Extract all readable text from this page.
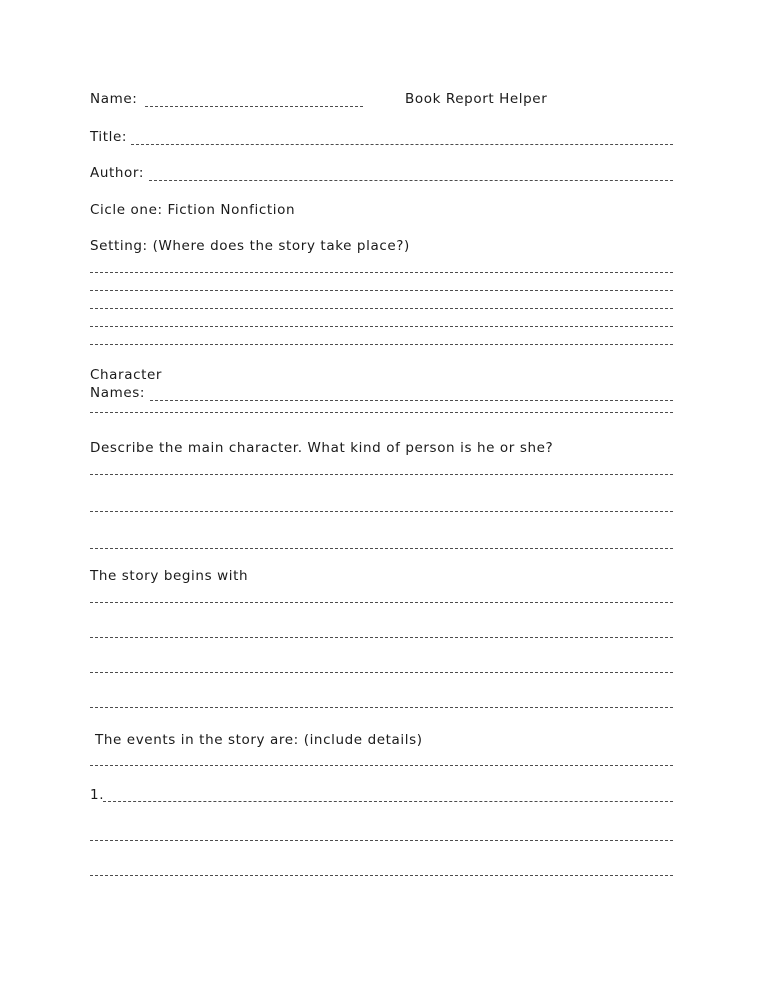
Name:	Book Report Helper
Title:
Author:
Cicle one: Fiction Nonfiction
Setting: (Where does the story take place?)
Character
Names:
Describe the main character. What kind of person is he or she?
The story begins with
The events in the story are: (include details)
1.
